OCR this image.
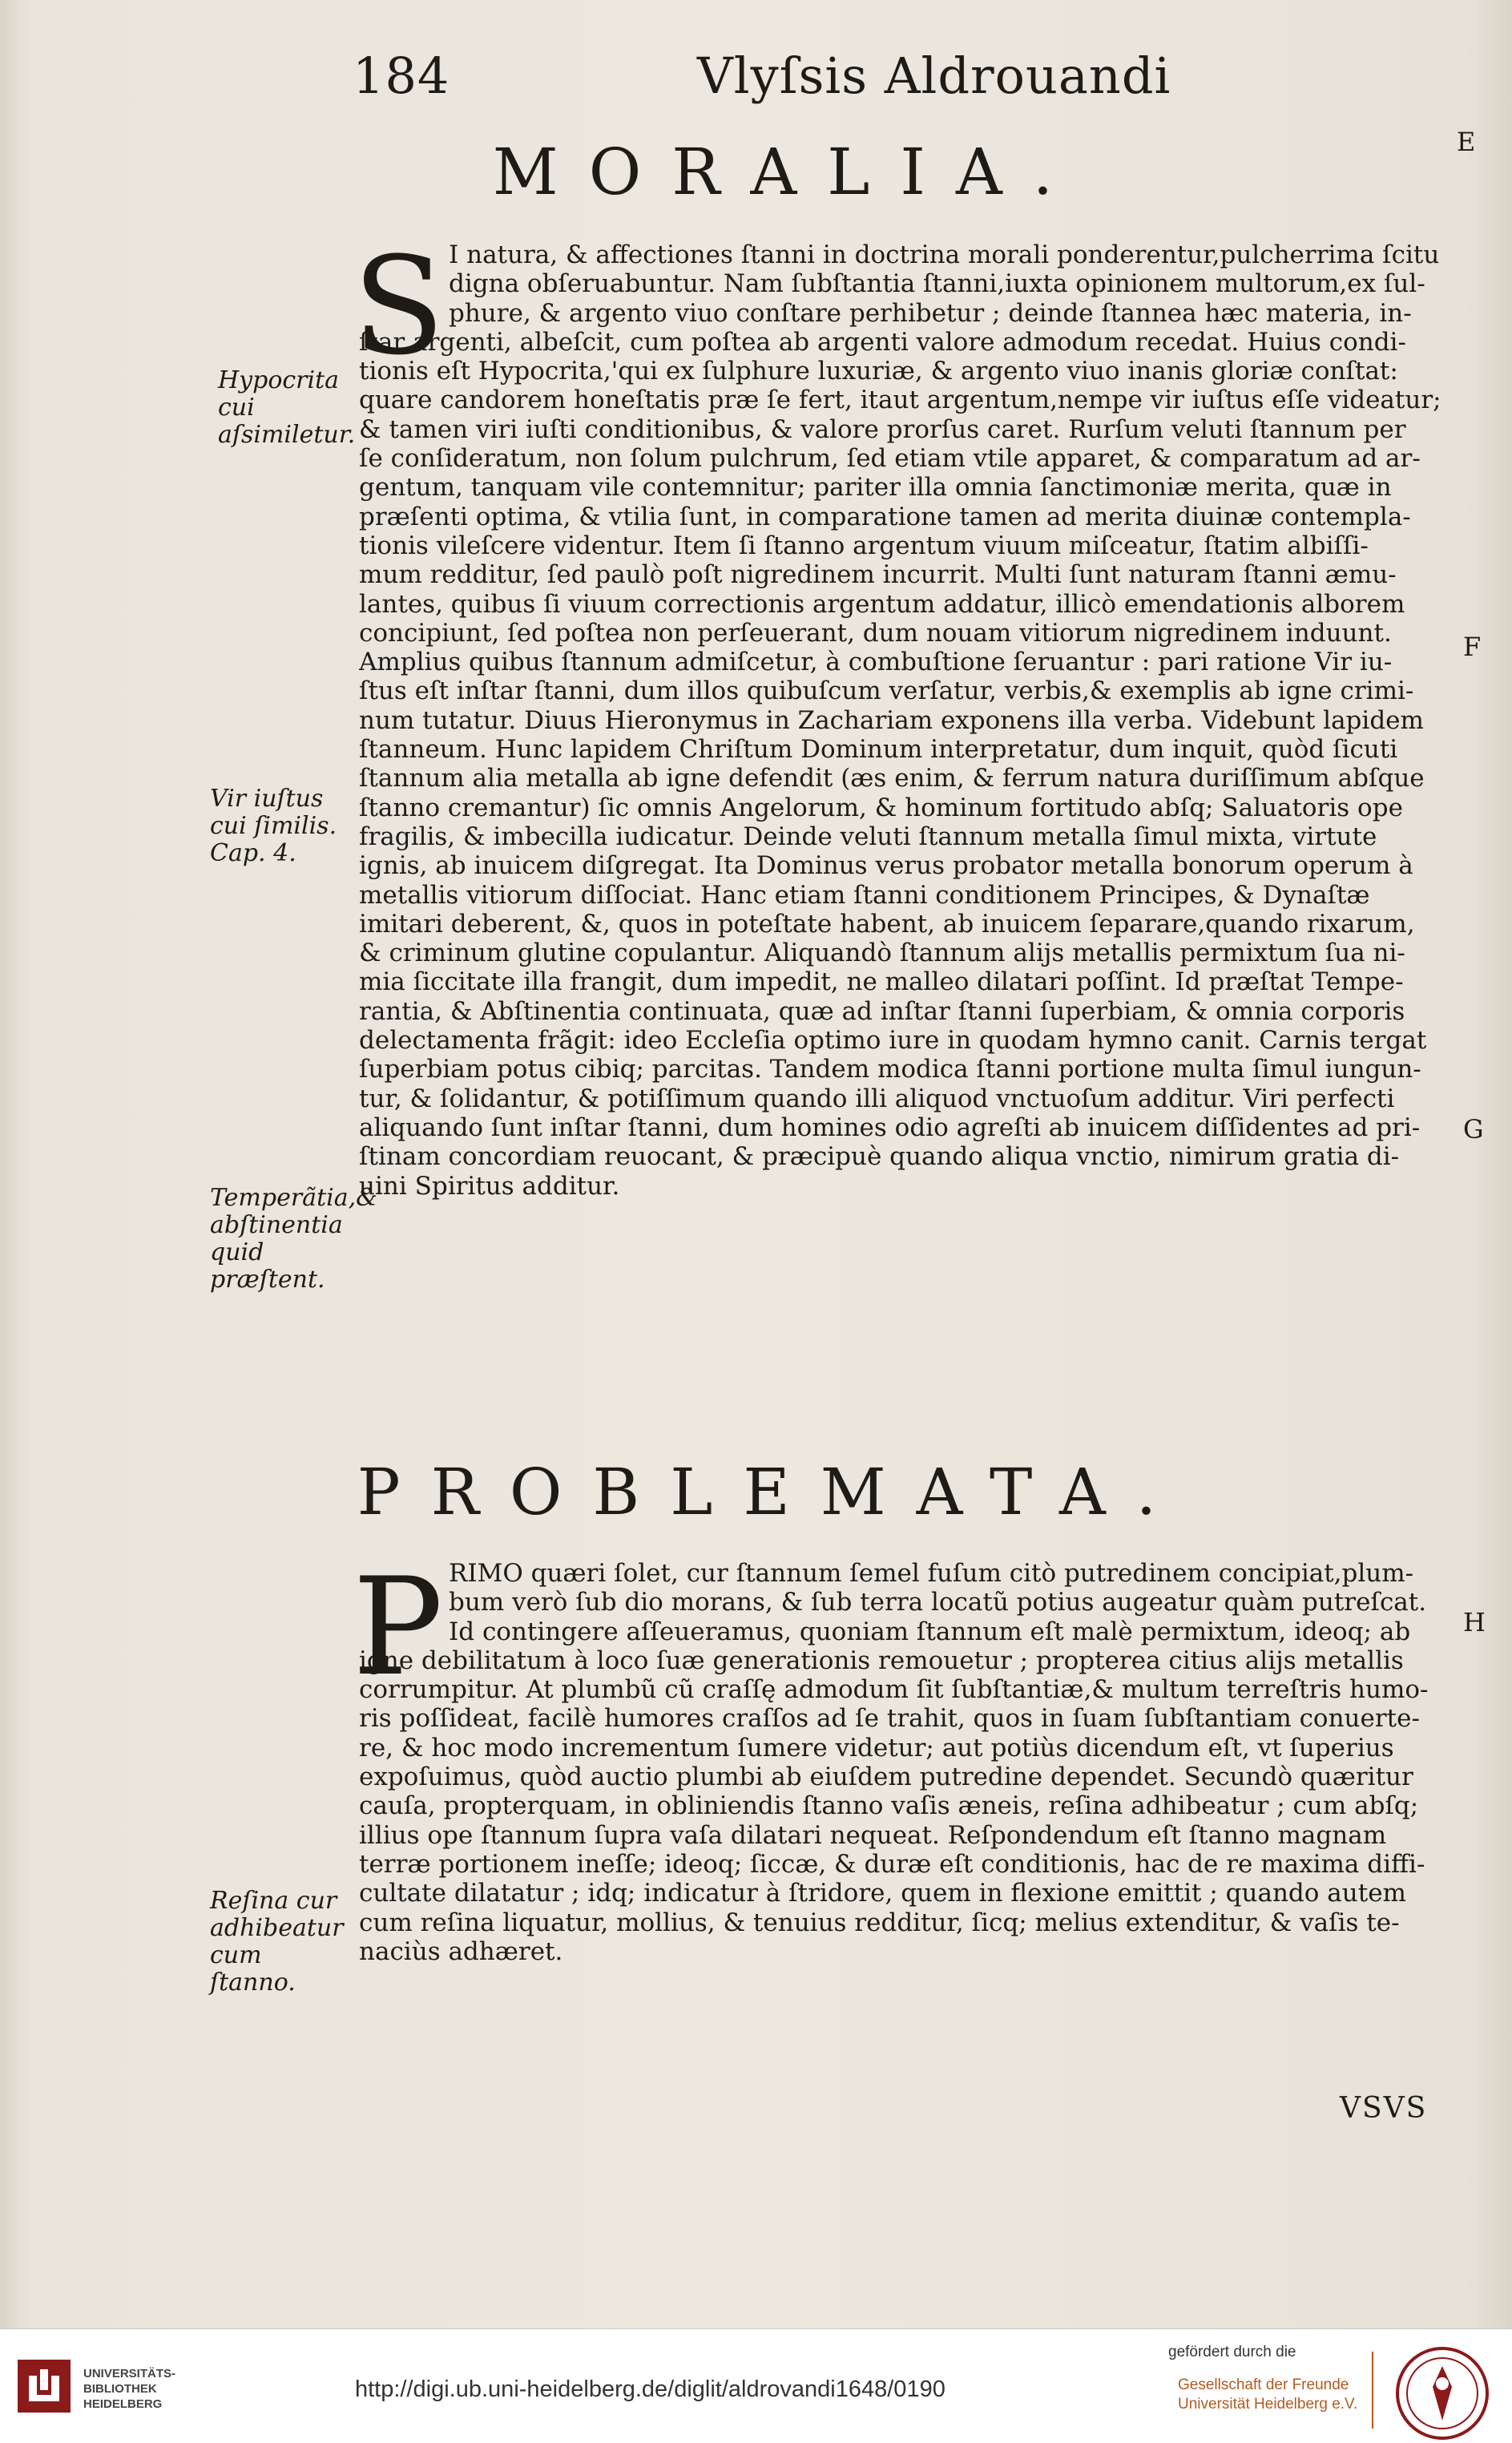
184	Vlyſsis Aldrouandi
E
F
G
H
MORALIA.
S I natura, & affectiones ſtanni in doctrina morali ponderentur,pulcherrima ſcitu
digna obſeruabuntur. Nam ſubſtantia ſtanni,iuxta opinionem multorum,ex ſul-
phure, & argento viuo conſtare perhibetur ; deinde ſtannea hæc materia, in-
ſtar argenti, albeſcit, cum poſtea ab argenti valore admodum recedat. Huius condi-
tionis eſt Hypocrita,'qui ex ſulphure luxuriæ, & argento viuo inanis gloriæ conſtat:
quare candorem honeſtatis præ ſe fert, itaut argentum,nempe vir iuſtus eſſe videatur;
& tamen viri iuſti conditionibus, & valore prorſus caret. Rurſum veluti ſtannum per
ſe conſideratum, non ſolum pulchrum, ſed etiam vtile apparet, & comparatum ad ar-
gentum, tanquam vile contemnitur; pariter illa omnia ſanctimoniæ merita, quæ in
præſenti optima, & vtilia ſunt, in comparatione tamen ad merita diuinæ contempla-
tionis vileſcere videntur. Item ſi ſtanno argentum viuum miſceatur, ſtatim albiſſi-
mum redditur, ſed paulò poſt nigredinem incurrit. Multi ſunt naturam ſtanni æmu-
lantes, quibus ſi viuum correctionis argentum addatur, illicò emendationis alborem
concipiunt, ſed poſtea non perſeuerant, dum nouam vitiorum nigredinem induunt.
Amplius quibus ſtannum admiſcetur, à combuſtione ſeruantur : pari ratione Vir iu-
ſtus eſt inſtar ſtanni, dum illos quibuſcum verſatur, verbis,& exemplis ab igne crimi-
num tutatur. Diuus Hieronymus in Zachariam exponens illa verba. Videbunt lapidem
ſtanneum. Hunc lapidem Chriſtum Dominum interpretatur, dum inquit, quòd ſicuti
ſtannum alia metalla ab igne defendit (æs enim, & ferrum natura duriſſimum abſque
ſtanno cremantur) ſic omnis Angelorum, & hominum fortitudo abſq; Saluatoris ope
fragilis, & imbecilla iudicatur. Deinde veluti ſtannum metalla ſimul mixta, virtute
ignis, ab inuicem diſgregat. Ita Dominus verus probator metalla bonorum operum à
metallis vitiorum diſſociat. Hanc etiam ſtanni conditionem Principes, & Dynaſtæ
imitari deberent, &, quos in poteſtate habent, ab inuicem ſeparare,quando rixarum,
& criminum glutine copulantur. Aliquandò ſtannum alijs metallis permixtum ſua ni-
mia ſiccitate illa frangit, dum impedit, ne malleo dilatari poſſint. Id præſtat Tempe-
rantia, & Abſtinentia continuata, quæ ad inſtar ſtanni ſuperbiam, & omnia corporis
delectamenta frãgit: ideo Eccleſia optimo iure in quodam hymno canit. Carnis tergat
ſuperbiam potus cibiq; parcitas. Tandem modica ſtanni portione multa ſimul iungun-
tur, & ſolidantur, & potiſſimum quando illi aliquod vnctuoſum additur. Viri perfecti
aliquando ſunt inſtar ſtanni, dum homines odio agreſti ab inuicem diſſidentes ad pri-
ſtinam concordiam reuocant, & præcipuè quando aliqua vnctio, nimirum gratia di-
uini Spiritus additur.
Hypocrita cui aſsimiletur.
Vir iuſtus cui ſimilis. Cap. 4.
Temperãtia,& abſtinentia quid præſtent.
PROBLEMATA.
P RIMO quæri ſolet, cur ſtannum ſemel fuſum citò putredinem concipiat,plum-
bum verò ſub dio morans, & ſub terra locatũ potius augeatur quàm putreſcat.
Id contingere aſſeueramus, quoniam ſtannum eſt malè permixtum, ideoq; ab
igne debilitatum à loco ſuæ generationis remouetur ; propterea citius alijs metallis
corrumpitur. At plumbũ cũ craſſę admodum ſit ſubſtantiæ,& multum terreſtris humo-
ris poſſideat, facilè humores craſſos ad ſe trahit, quos in ſuam ſubſtantiam conuerte-
re, & hoc modo incrementum ſumere videtur; aut potiùs dicendum eſt, vt ſuperius
expoſuimus, quòd auctio plumbi ab eiuſdem putredine dependet. Secundò quæritur
cauſa, propterquam, in obliniendis ſtanno vaſis æneis, reſina adhibeatur ; cum abſq;
illius ope ſtannum ſupra vaſa dilatari nequeat. Reſpondendum eſt ſtanno magnam
terræ portionem ineſſe; ideoq; ſiccæ, & duræ eſt conditionis, hac de re maxima diffi-
cultate dilatatur ; idq; indicatur à ſtridore, quem in flexione emittit ; quando autem
cum reſina liquatur, mollius, & tenuius redditur, ſicq; melius extenditur, & vaſis te-
naciùs adhæret.
Reſina cur adhibeatur cum ſtanno.
VSVS
UNIVERSITÄTS-
BIBLIOTHEK
HEIDELBERG
http://digi.ub.uni-heidelberg.de/diglit/aldrovandi1648/0190
gefördert durch die
Gesellschaft der Freunde
Universität Heidelberg e.V.
